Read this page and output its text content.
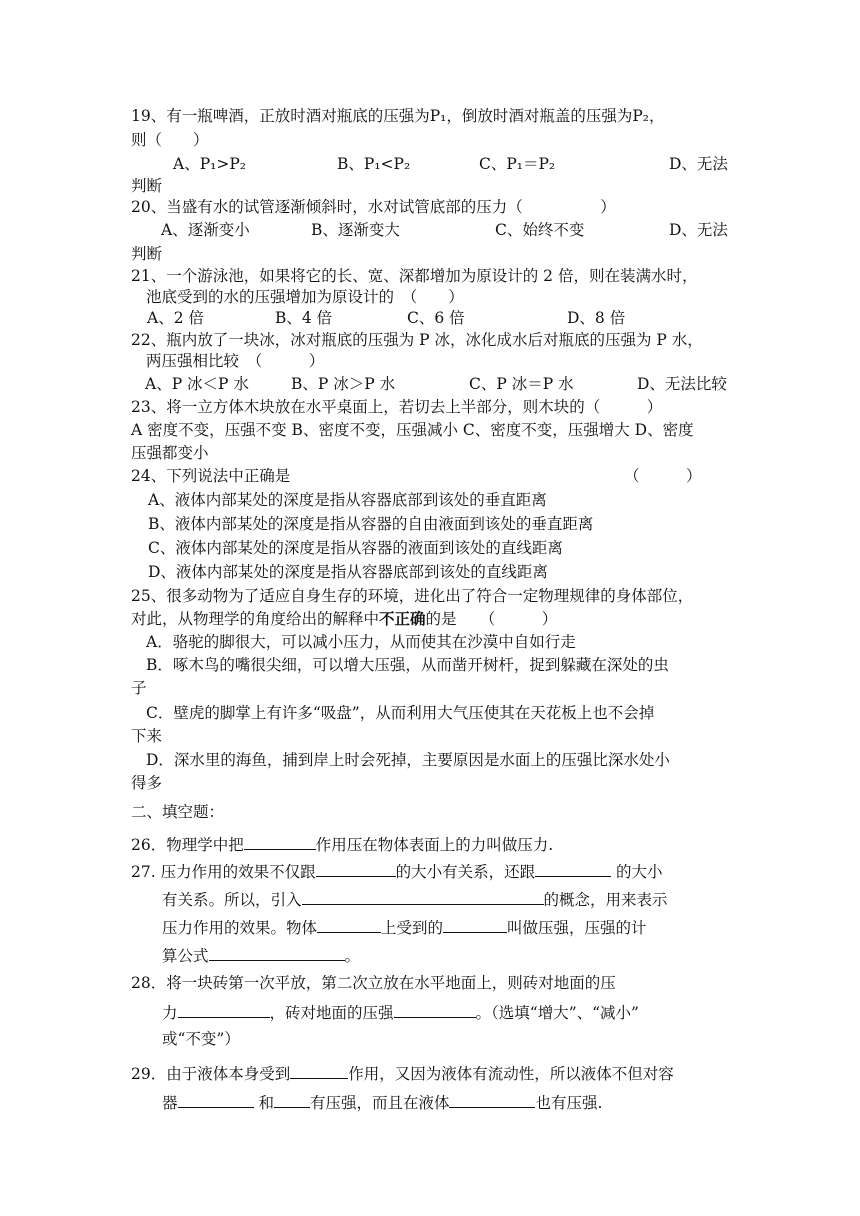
19、有一瓶啤酒，正放时酒对瓶底的压强为P₁，倒放时酒对瓶盖的压强为P₂，
则（　　）
A、P₁>P₂	B、P₁<P₂	C、P₁＝P₂	D、无法
判断
20、当盛有水的试管逐渐倾斜时，水对试管底部的压力（　　　　　）
A、逐渐变小	B、逐渐变大	C、始终不变	D、无法
判断
21、一个游泳池，如果将它的长、宽、深都增加为原设计的 2 倍，则在装满水时，
池底受到的水的压强增加为原设计的　（　　）
A、2 倍	B、4 倍	C、6 倍	D、8 倍
22、瓶内放了一块冰，冰对瓶底的压强为 P 冰，冰化成水后对瓶底的压强为 P 水，
两压强相比较　（　　　）
A、P 冰＜P 水	B、P 冰＞P 水	C、P 冰＝P 水	D、无法比较
23、将一立方体木块放在水平桌面上，若切去上半部分，则木块的（　　　）
A 密度不变，压强不变 B、密度不变，压强减小 C、密度不变，压强增大 D、密度
压强都变小
24、下列说法中正确是	（　　　）
A、液体内部某处的深度是指从容器底部到该处的垂直距离
B、液体内部某处的深度是指从容器的自由液面到该处的垂直距离
C、液体内部某处的深度是指从容器的液面到该处的直线距离
D、液体内部某处的深度是指从容器底部到该处的直线距离
25、很多动物为了适应自身生存的环境，进化出了符合一定物理规律的身体部位，
对此，从物理学的角度给出的解释中不正确的是　　（　　　）
A．骆驼的脚很大，可以减小压力，从而使其在沙漠中自如行走
B．啄木鸟的嘴很尖细，可以增大压强，从而凿开树杆，捉到躲藏在深处的虫
子
C．壁虎的脚掌上有许多“吸盘”，从而利用大气压使其在天花板上也不会掉
下来
D．深水里的海鱼，捕到岸上时会死掉，主要原因是水面上的压强比深水处小
得多
二、填空题：
26．物理学中把	作用压在物体表面上的力叫做压力.
27. 压力作用的效果不仅跟	的大小有关系，还跟	的大小
有关系。所以，引入	的概念，用来表示
压力作用的效果。物体	上受到的	叫做压强，压强的计
算公式	。
28．将一块砖第一次平放，第二次立放在水平地面上，则砖对地面的压
力	，砖对地面的压强	。（选填“增大”、“减小”
或“不变”）
29．由于液体本身受到	作用，又因为液体有流动性，所以液体不但对容
器	和 有压强，而且在液体	也有压强.
